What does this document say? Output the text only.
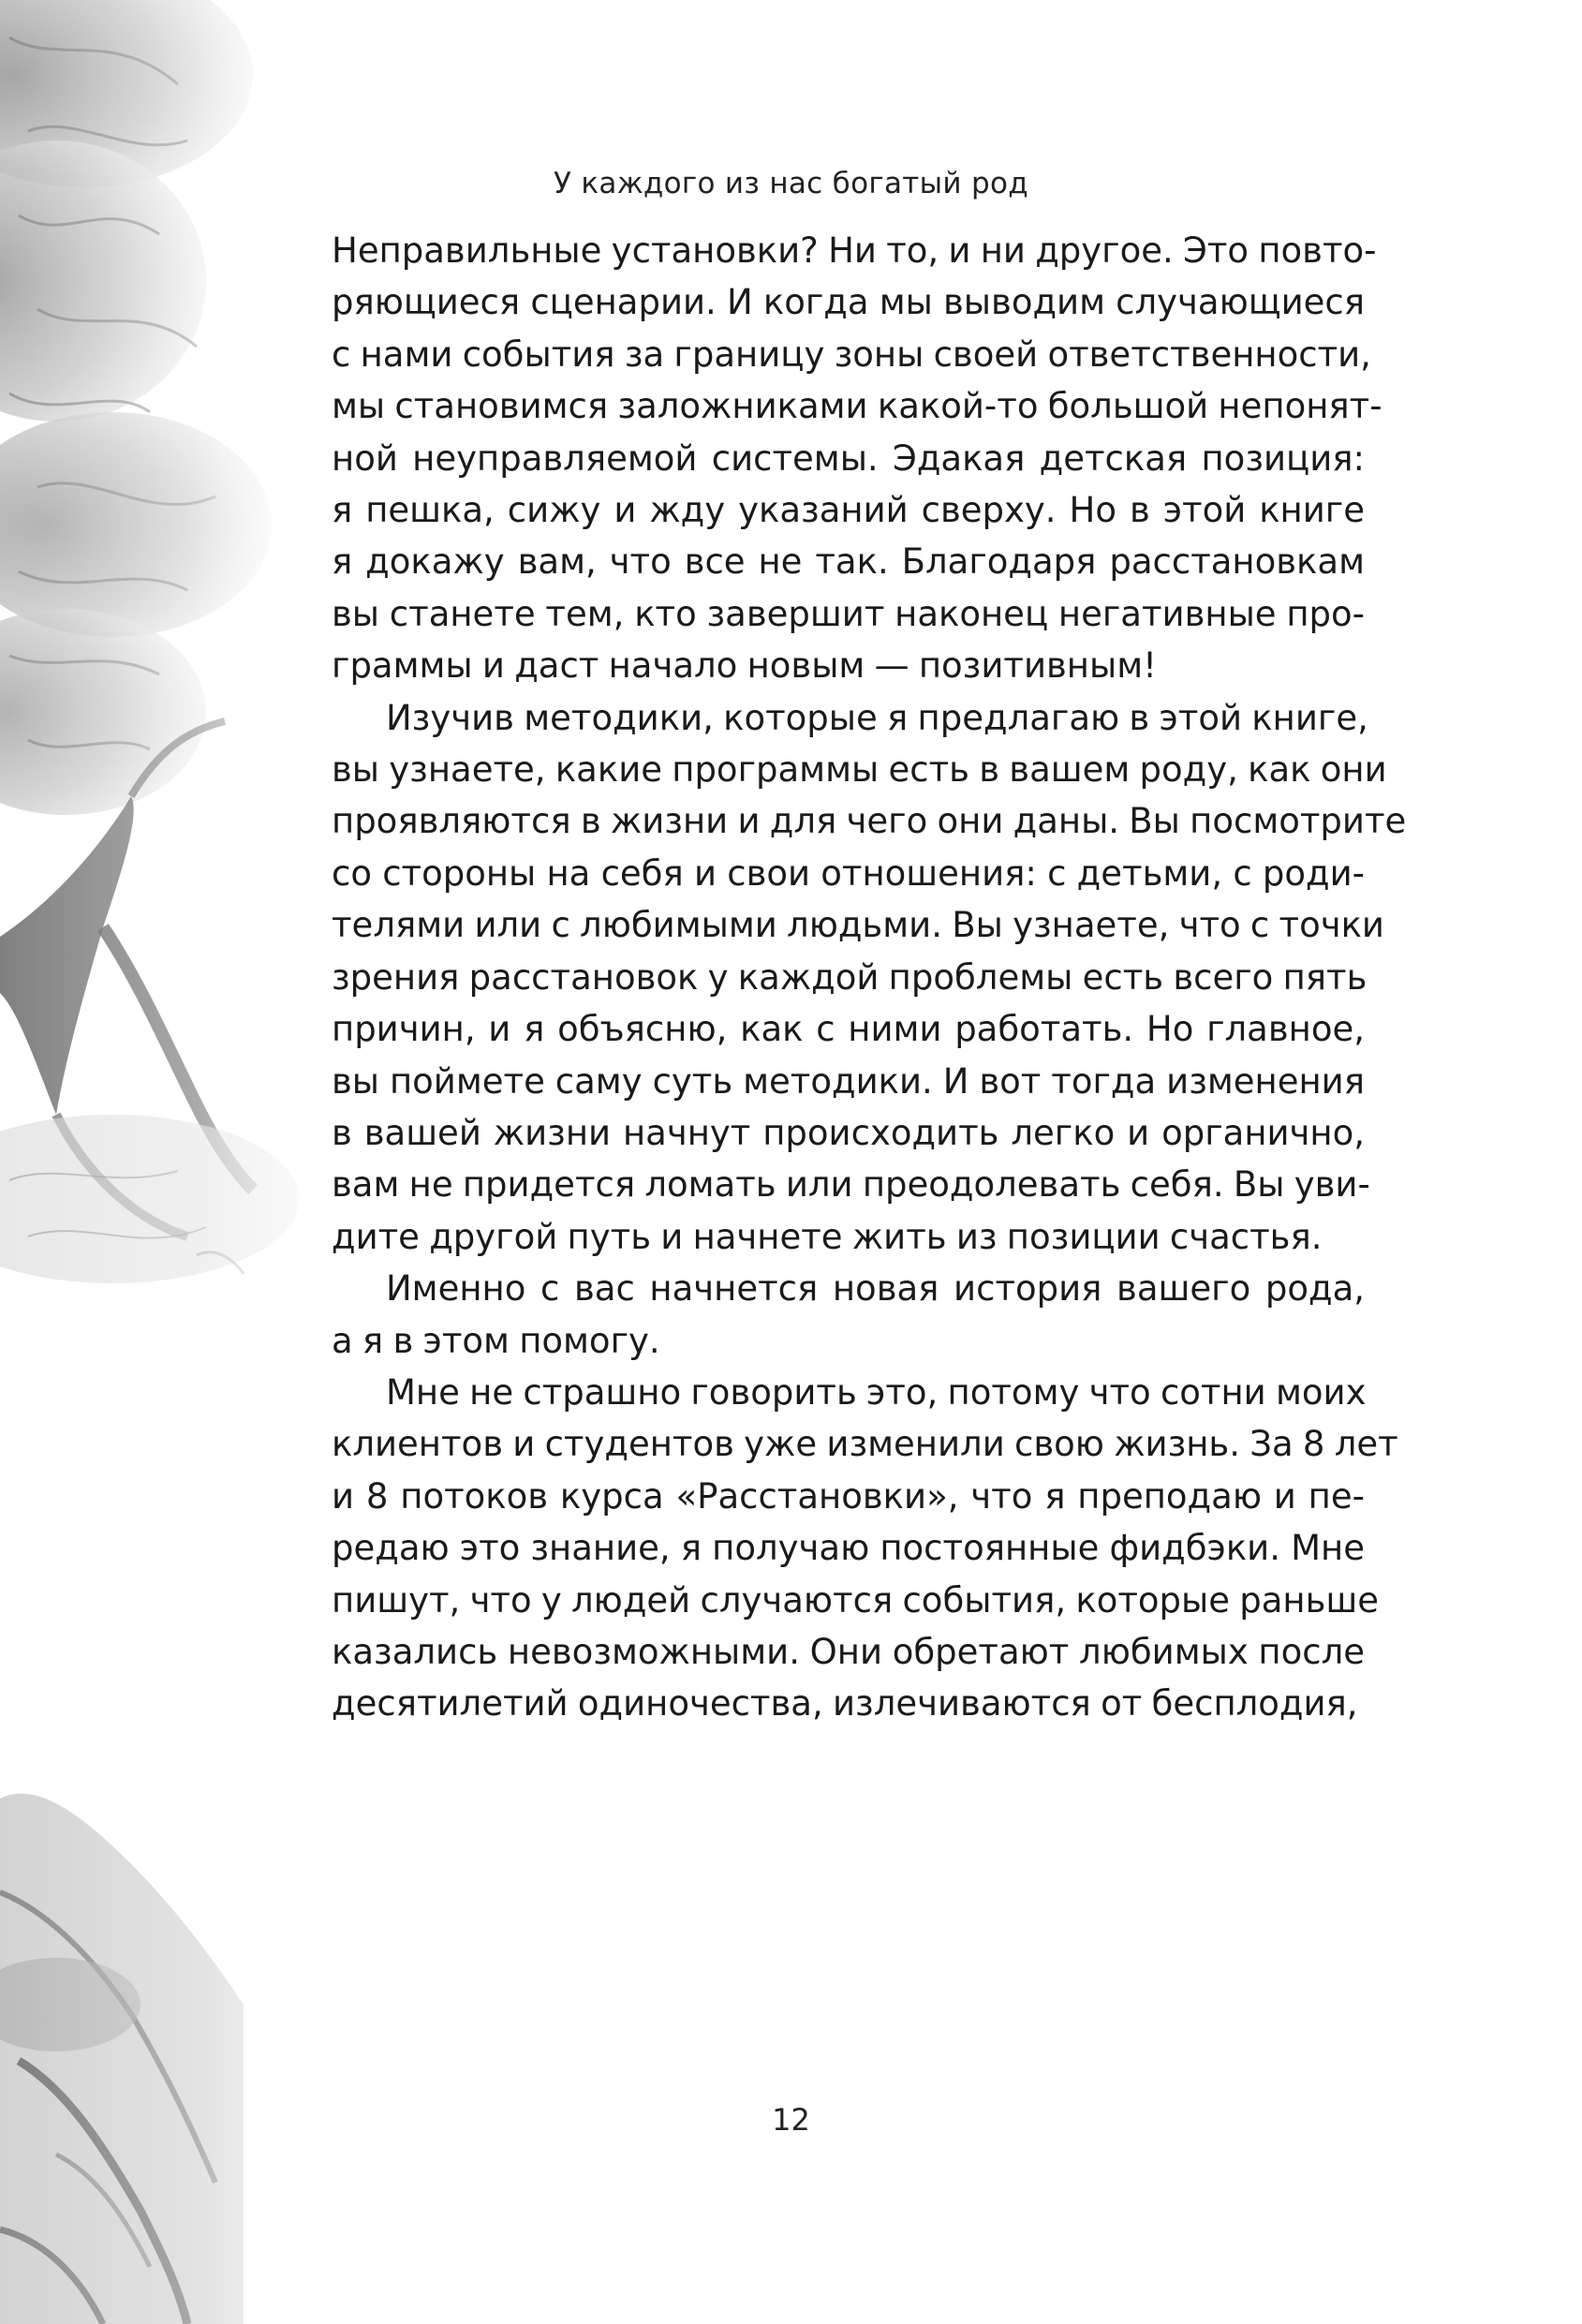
У каждого из нас богатый род
Неправильные установки? Ни то, и ни другое. Это повто-
ряющиеся сценарии. И когда мы выводим случающиеся
с нами события за границу зоны своей ответственности,
мы становимся заложниками какой-то большой непонят-
ной неуправляемой системы. Эдакая детская позиция:
я пешка, сижу и жду указаний сверху. Но в этой книге
я докажу вам, что все не так. Благодаря расстановкам
вы станете тем, кто завершит наконец негативные про-
граммы и даст начало новым — позитивным!
Изучив методики, которые я предлагаю в этой книге,
вы узнаете, какие программы есть в вашем роду, как они
проявляются в жизни и для чего они даны. Вы посмотрите
со стороны на себя и свои отношения: с детьми, с роди-
телями или с любимыми людьми. Вы узнаете, что с точки
зрения расстановок у каждой проблемы есть всего пять
причин, и я объясню, как с ними работать. Но главное,
вы поймете саму суть методики. И вот тогда изменения
в вашей жизни начнут происходить легко и органично,
вам не придется ломать или преодолевать себя. Вы уви-
дите другой путь и начнете жить из позиции счастья.
Именно с вас начнется новая история вашего рода,
а я в этом помогу.
Мне не страшно говорить это, потому что сотни моих
клиентов и студентов уже изменили свою жизнь. За 8 лет
и 8 потоков курса «Расстановки», что я преподаю и пе-
редаю это знание, я получаю постоянные фидбэки. Мне
пишут, что у людей случаются события, которые раньше
казались невозможными. Они обретают любимых после
десятилетий одиночества, излечиваются от бесплодия,
12
